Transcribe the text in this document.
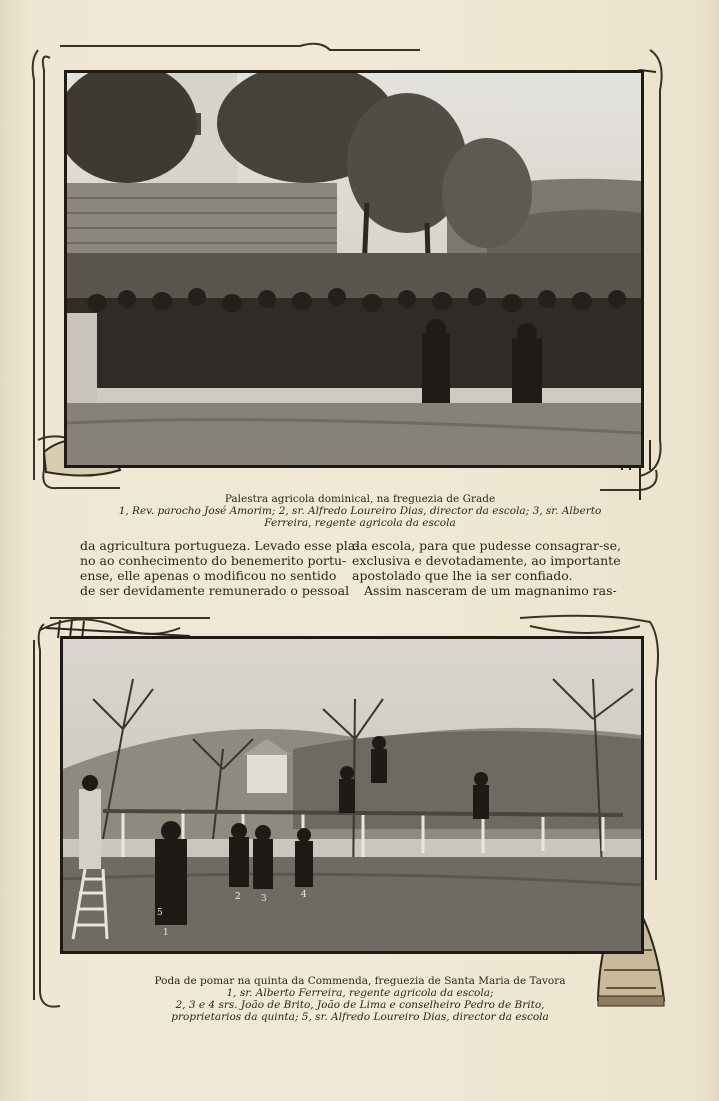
Palestra agricola dominical, na freguezia de Grade
1, Rev. parocho José Amorim; 2, sr. Alfredo Loureiro Dias, director da escola; 3, sr. Alberto
Ferreira, regente agricola da escola
da agricultura portugueza. Levado esse pla-
no ao conhecimento do benemerito portu-
ense, elle apenas o modificou no sentido
de ser devidamente remunerado o pessoal
da escola, para que pudesse consagrar-se,
exclusiva e devotadamente, ao importante
apostolado que lhe ia ser confiado.
Assim nasceram de um magnanimo ras-
1
2 3	4
5
Poda de pomar na quinta da Commenda, freguezia de Santa Maria de Tavora
1, sr. Alberto Ferreira, regente agricola da escola;
2, 3 e 4 srs. João de Brito, João de Lima e conselheiro Pedro de Brito,
proprietarios da quinta; 5, sr. Alfredo Loureiro Dias, director da escola
